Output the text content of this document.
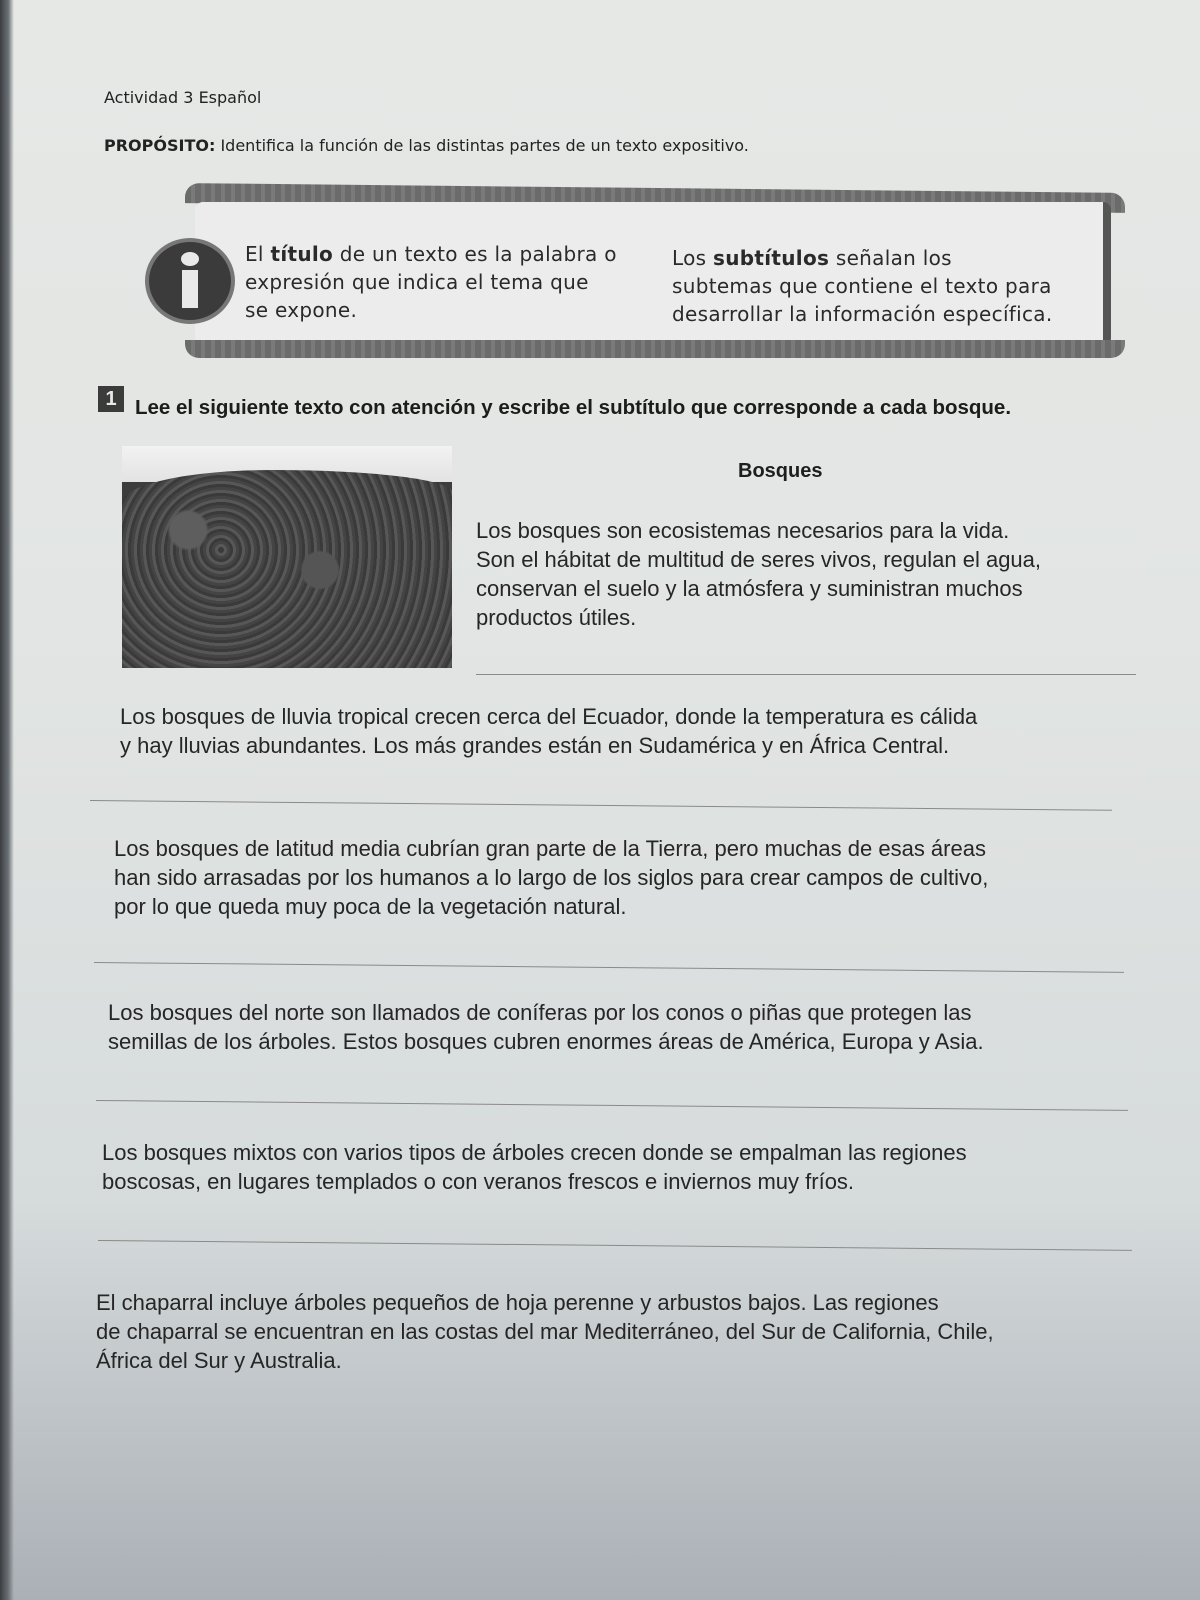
Actividad 3 Español
PROPÓSITO: Identifica la función de las distintas partes de un texto expositivo.
El título de un texto es la palabra o
expresión que indica el tema que
se expone.
Los subtítulos señalan los
subtemas que contiene el texto para
desarrollar la información específica.
1 Lee el siguiente texto con atención y escribe el subtítulo que corresponde a cada bosque.
Bosques
Los bosques son ecosistemas necesarios para la vida.
Son el hábitat de multitud de seres vivos, regulan el agua,
conservan el suelo y la atmósfera y suministran muchos
productos útiles.
Los bosques de lluvia tropical crecen cerca del Ecuador, donde la temperatura es cálida
y hay lluvias abundantes. Los más grandes están en Sudamérica y en África Central.
Los bosques de latitud media cubrían gran parte de la Tierra, pero muchas de esas áreas
han sido arrasadas por los humanos a lo largo de los siglos para crear campos de cultivo,
por lo que queda muy poca de la vegetación natural.
Los bosques del norte son llamados de coníferas por los conos o piñas que protegen las
semillas de los árboles. Estos bosques cubren enormes áreas de América, Europa y Asia.
Los bosques mixtos con varios tipos de árboles crecen donde se empalman las regiones
boscosas, en lugares templados o con veranos frescos e inviernos muy fríos.
El chaparral incluye árboles pequeños de hoja perenne y arbustos bajos. Las regiones
de chaparral se encuentran en las costas del mar Mediterráneo, del Sur de California, Chile,
África del Sur y Australia.
